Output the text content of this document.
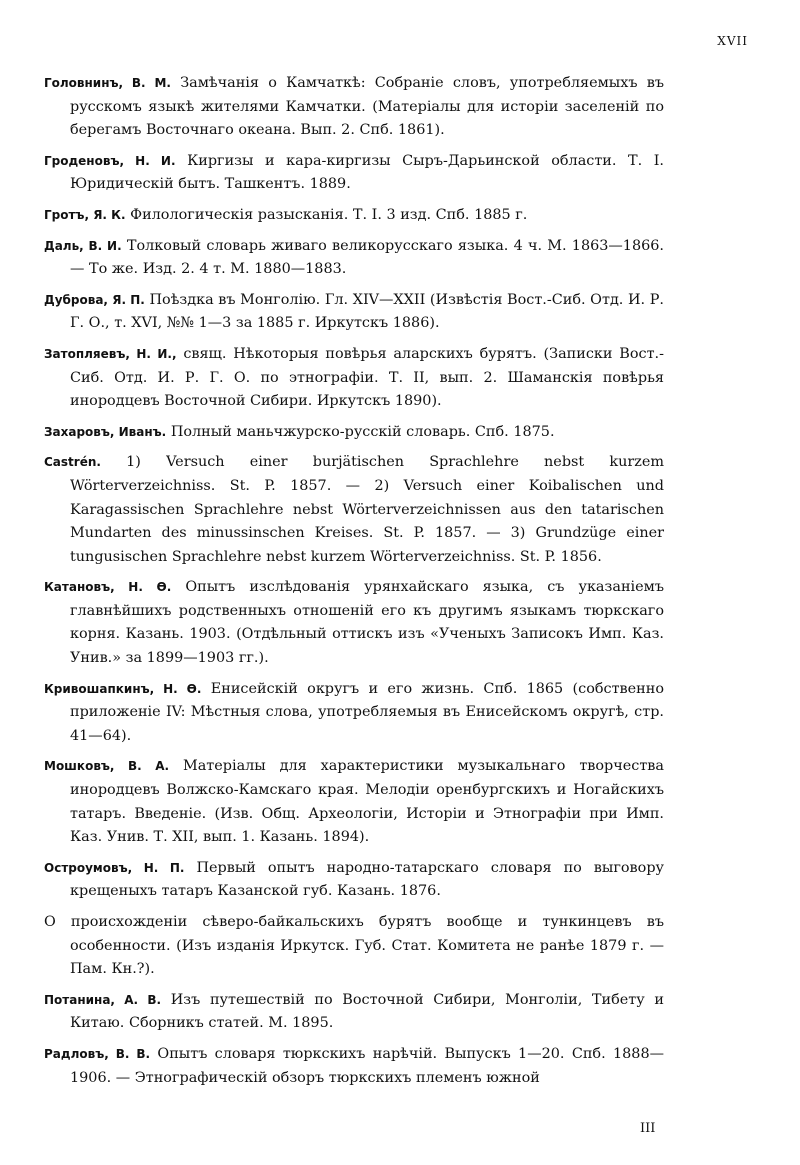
XVII

Головнинъ, В. М. Замѣчанія о Камчаткѣ: Собраніе словъ, употребляемыхъ въ русскомъ языкѣ жителями Камчатки. (Матеріалы для исторіи заселеній по берегамъ Восточнаго океана. Вып. 2. Спб. 1861).

Гроденовъ, Н. И. Киргизы и кара-киргизы Сыръ-Дарьинской области. Т. I. Юридическій бытъ. Ташкентъ. 1889.

Гротъ, Я. К. Филологическія разысканія. Т. I. 3 изд. Спб. 1885 г.

Даль, В. И. Толковый словарь живаго великорусскаго языка. 4 ч. М. 1863—1866. — То же. Изд. 2. 4 т. М. 1880—1883.

Дубровa, Я. П. Поѣздка въ Монголію. Гл. XIV—XXII (Извѣстія Вост.-Сиб. Отд. И. Р. Г. О., т. XVI, №№ 1—3 за 1885 г. Иркутскъ 1886).

Затопляевъ, Н. И., свящ. Нѣкоторыя повѣрья аларскихъ бурятъ. (Записки Вост.-Сиб. Отд. И. Р. Г. О. по этнографіи. Т. II, вып. 2. Шаманскія повѣрья инородцевъ Восточной Сибири. Иркутскъ 1890).

Захаровъ, Иванъ. Полный маньчжурско-русскій словарь. Спб. 1875.

Castrén. 1) Versuch einer burjätischen Sprachlehre nebst kurzem Wörterverzeichniss. St. P. 1857. — 2) Versuch einer Koibalischen und Karagassischen Sprachlehre nebst Wörterverzeichnissen aus den tatarischen Mundarten des minussinschen Kreises. St. P. 1857. — 3) Grundzüge einer tungusischen Sprachlehre nebst kurzem Wörterverzeichniss. St. P. 1856.

Катановъ, Н. Ѳ. Опытъ изслѣдованія урянхайскаго языка, съ указаніемъ главнѣйшихъ родственныхъ отношеній его къ другимъ языкамъ тюркскаго корня. Казань. 1903. (Отдѣльный оттискъ изъ «Ученыхъ Записокъ Имп. Каз. Унив.» за 1899—1903 гг.).

Кривошапкинъ, Н. Ѳ. Енисейскій округъ и его жизнь. Спб. 1865 (собственно приложеніе IV: Мѣстныя слова, употребляемыя въ Енисейскомъ округѣ, стр. 41—64).

Мошковъ, В. А. Матеріалы для характеристики музыкальнаго творчества инородцевъ Волжско-Камскаго края. Мелодіи оренбургскихъ и Ногайскихъ татаръ. Введеніе. (Изв. Общ. Археологіи, Исторіи и Этнографіи при Имп. Каз. Унив. Т. XII, вып. 1. Казань. 1894).

Остроумовъ, Н. П. Первый опытъ народно-татарскаго словаря по выговору крещеныхъ татаръ Казанской губ. Казань. 1876.

О происхожденіи сѣверо-байкальскихъ бурятъ вообще и тункинцевъ въ особенности. (Изъ изданія Иркутск. Губ. Стат. Комитета не ранѣе 1879 г. — Пам. Кн.?).

Потанина, А. В. Изъ путешествій по Восточной Сибири, Монголіи, Тибету и Китаю. Сборникъ статей. М. 1895.

Радловъ, В. В. Опытъ словаря тюркскихъ нарѣчій. Выпускъ 1—20. Спб. 1888—1906. — Этнографическій обзоръ тюркскихъ племенъ южной

III
